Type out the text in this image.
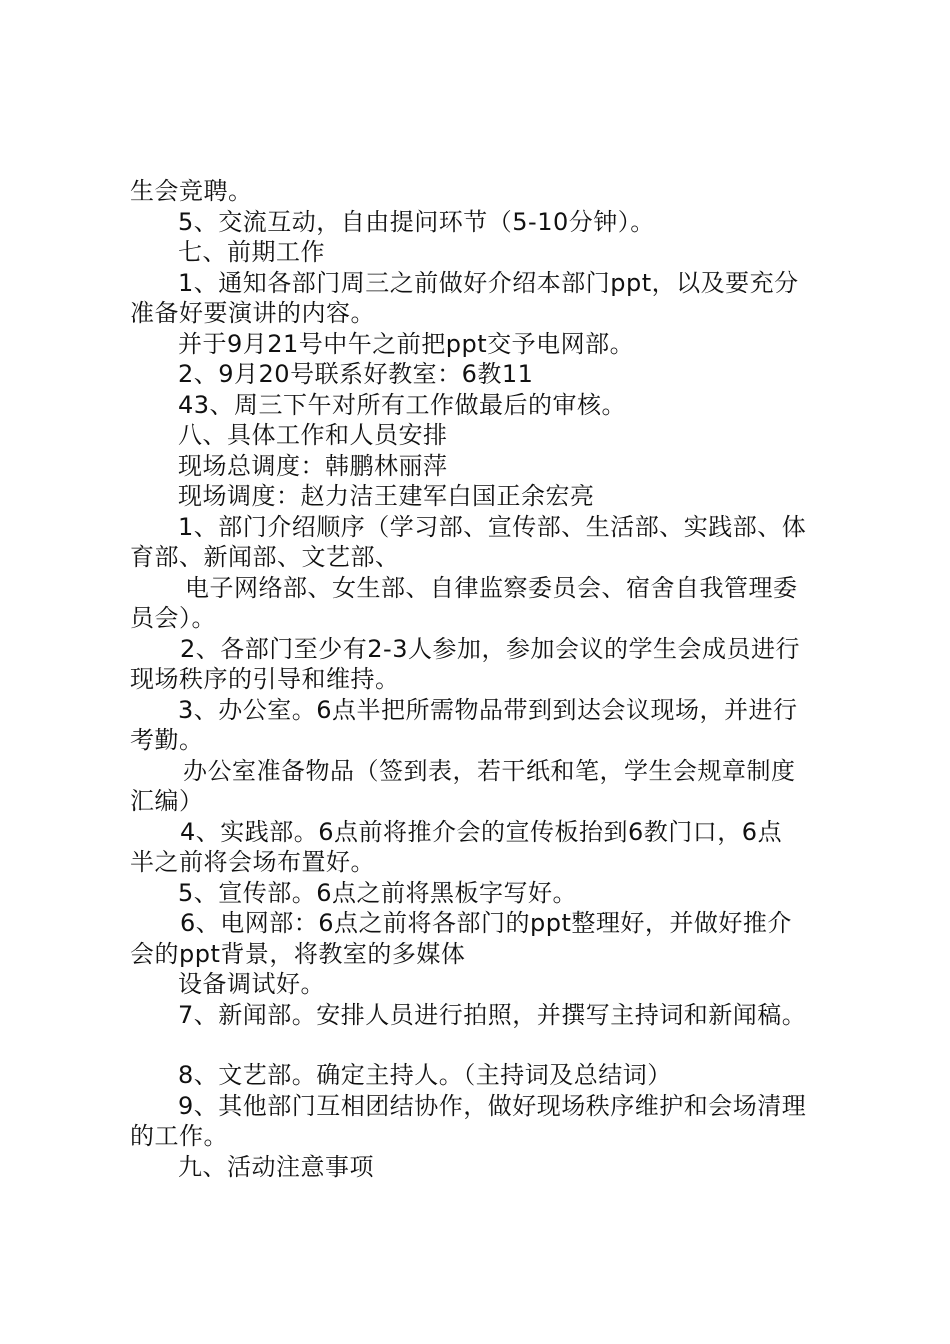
生会竞聘。
5、交流互动，自由提问环节（5-10分钟）。
七、前期工作
1、通知各部门周三之前做好介绍本部门ppt，以及要充分
准备好要演讲的内容。
并于9月21号中午之前把ppt交予电网部。
2、9月20号联系好教室：6教11
43、周三下午对所有工作做最后的审核。
八、具体工作和人员安排
现场总调度：韩鹏林丽萍
现场调度：赵力洁王建军白国正余宏亮
1、部门介绍顺序（学习部、宣传部、生活部、实践部、体
育部、新闻部、文艺部、
电子网络部、女生部、自律监察委员会、宿舍自我管理委
员会）。
2、各部门至少有2-3人参加，参加会议的学生会成员进行
现场秩序的引导和维持。
3、办公室。6点半把所需物品带到到达会议现场，并进行
考勤。
办公室准备物品（签到表，若干纸和笔，学生会规章制度
汇编）
4、实践部。6点前将推介会的宣传板抬到6教门口，6点
半之前将会场布置好。
5、宣传部。6点之前将黑板字写好。
6、电网部：6点之前将各部门的ppt整理好，并做好推介
会的ppt背景，将教室的多媒体
设备调试好。
7、新闻部。安排人员进行拍照，并撰写主持词和新闻稿。
8、文艺部。确定主持人。（主持词及总结词）
9、其他部门互相团结协作，做好现场秩序维护和会场清理
的工作。
九、活动注意事项
